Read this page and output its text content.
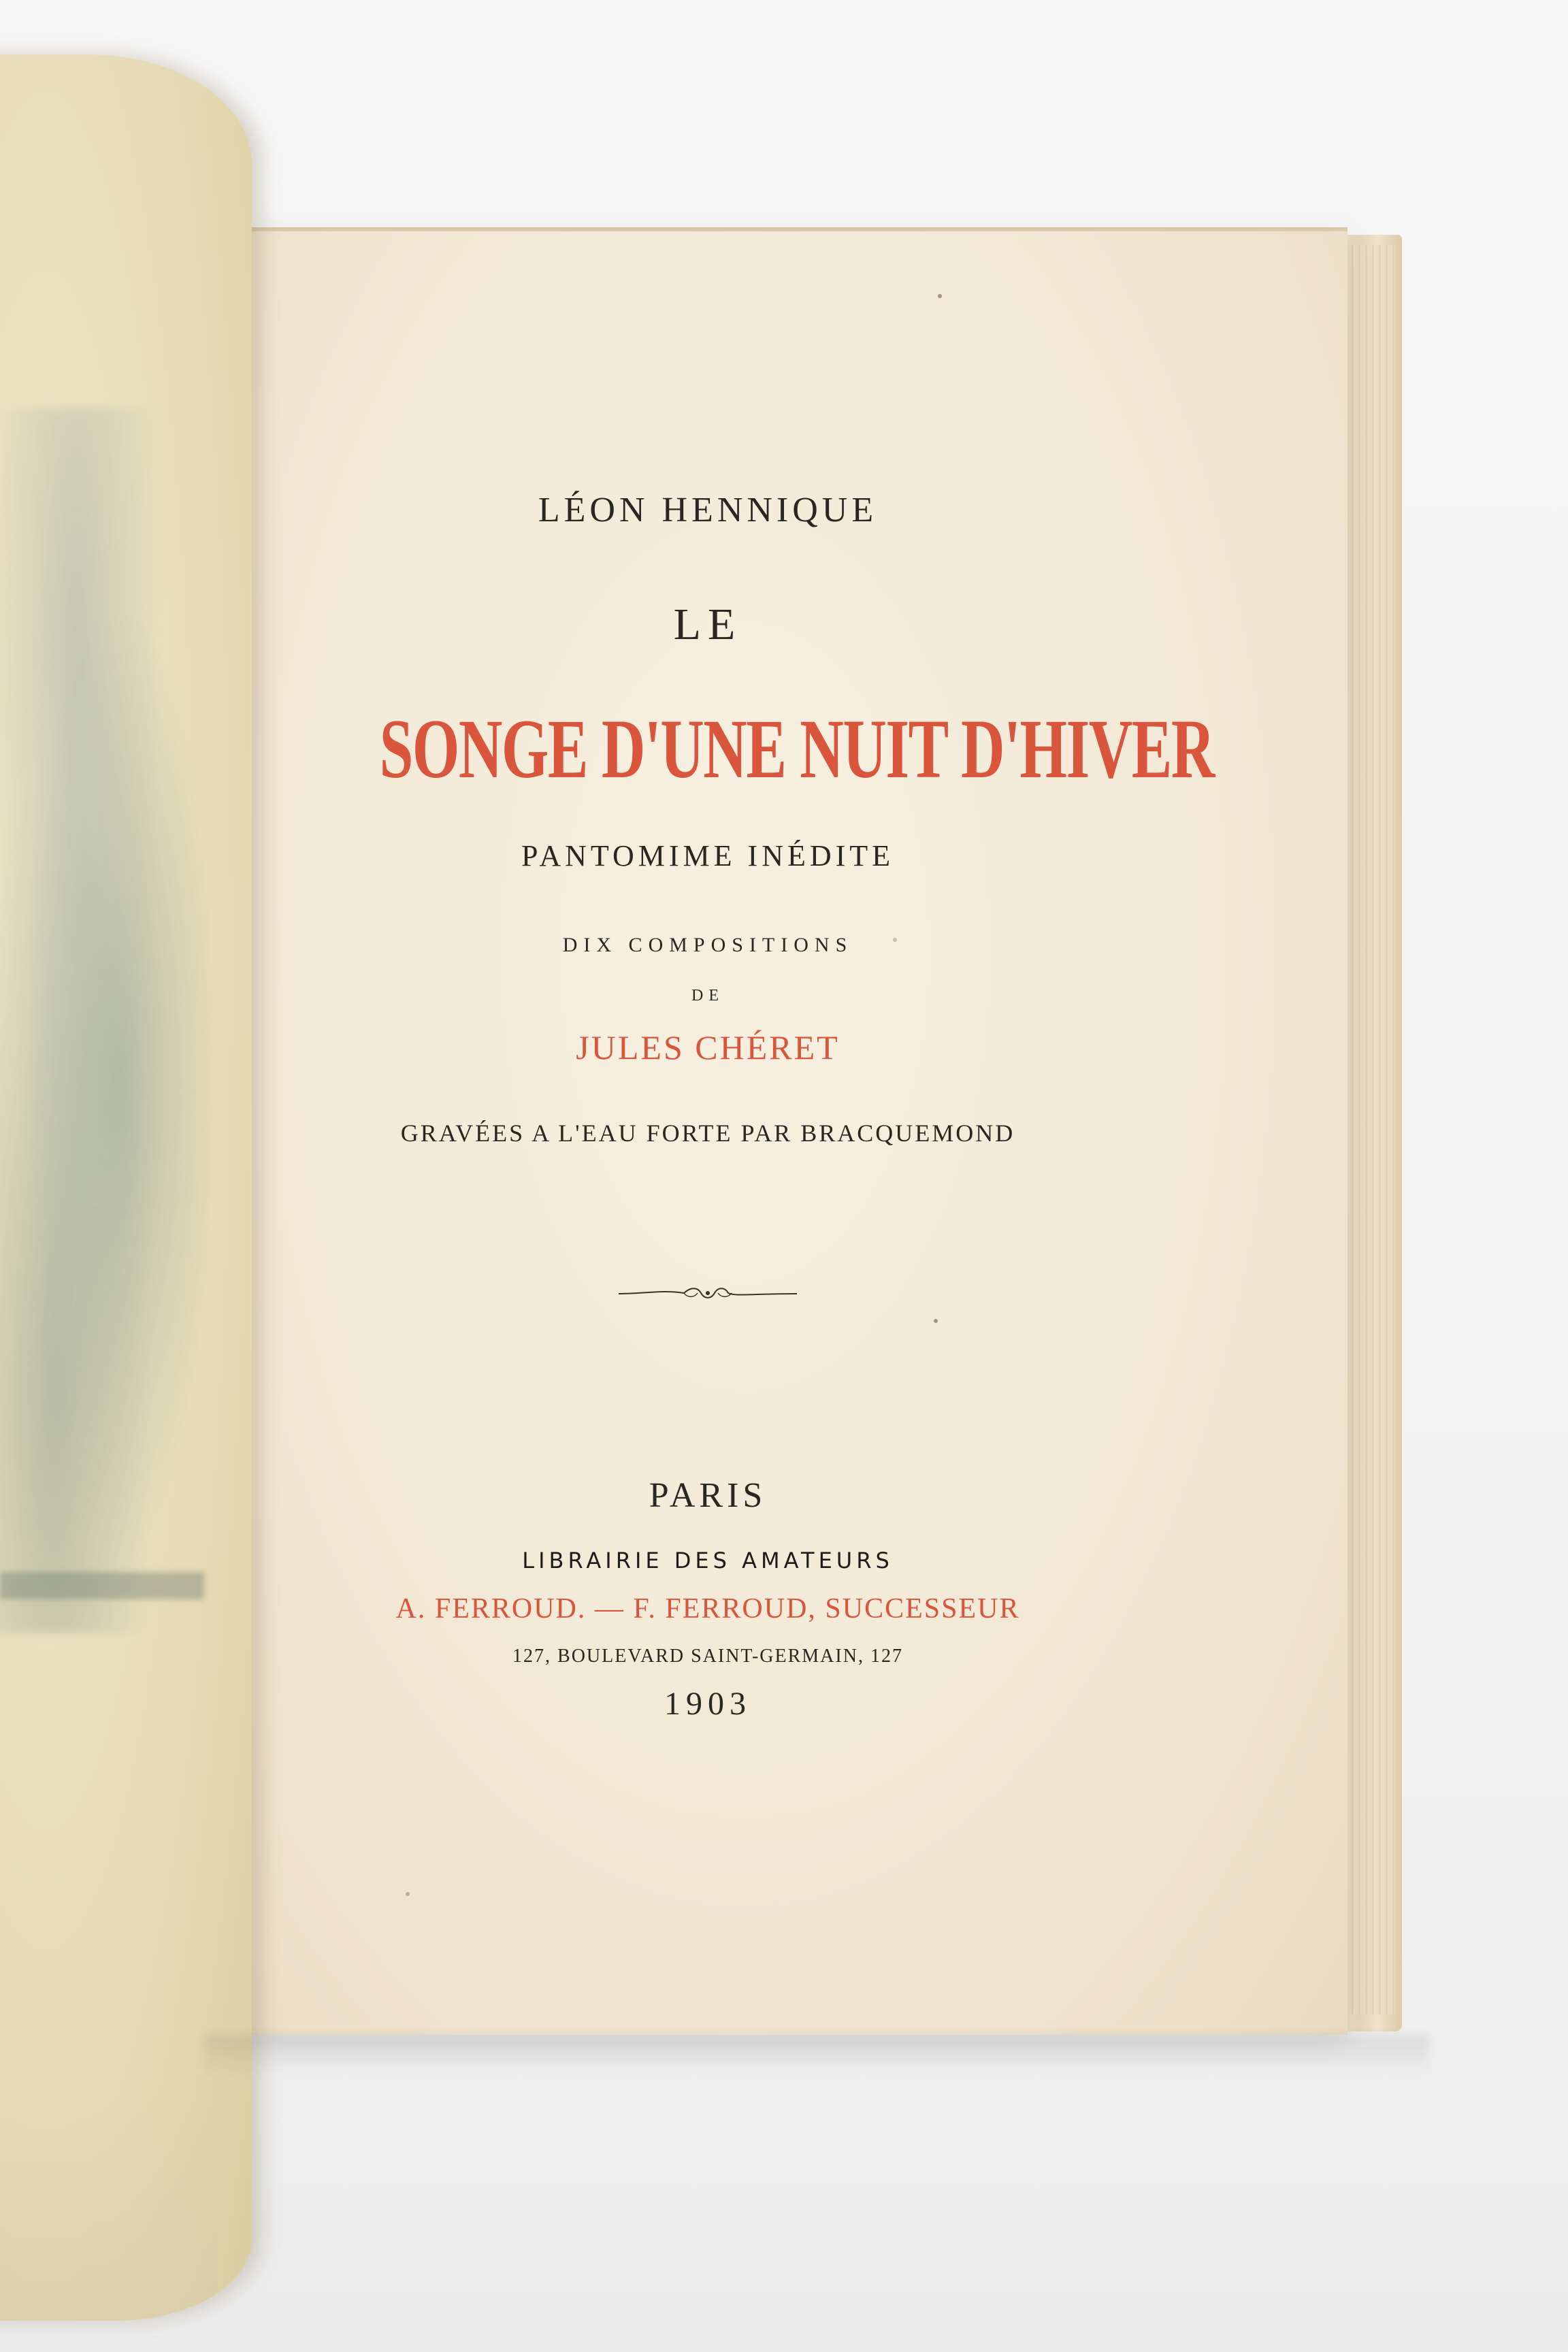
LÉON HENNIQUE
LE
SONGE D'UNE NUIT D'HIVER
PANTOMIME INÉDITE
DIX COMPOSITIONS
DE
JULES CHÉRET
GRAVÉES A L'EAU FORTE PAR BRACQUEMOND
PARIS
LIBRAIRIE DES AMATEURS
A. FERROUD. — F. FERROUD, SUCCESSEUR
127, BOULEVARD SAINT-GERMAIN, 127
1903
